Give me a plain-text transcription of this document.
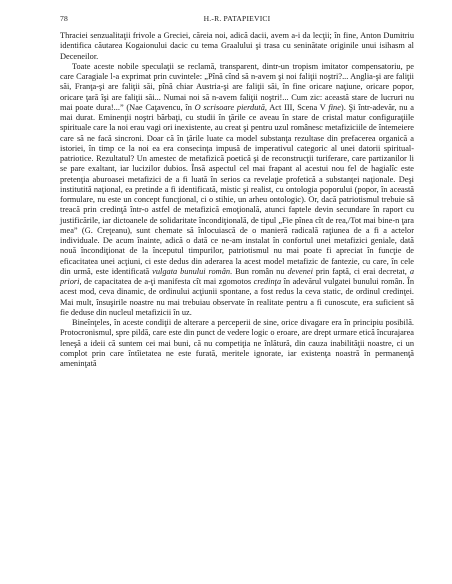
78	H.-R. PATAPIEVICI

Thraciei senzualitaţii frivole a Greciei, căreia noi, adică dacii, avem a-i da lecţii; în fine, Anton Dumitriu identifica căutarea Kogaionului dacic cu tema Graalului şi trasa cu seninătate originile unui isihasm al Deceneilor.

Toate aceste nobile speculaţii se reclamă, transparent, dintr-un tropism imitator compensatoriu, pe care Caragiale l-a exprimat prin cuvintele: „Pînă cînd să n-avem şi noi faliţii noştri?... Anglia-şi are faliţii săi, Franţa-şi are faliţii săi, pînă chiar Austria-şi are faliţii săi, în fine oricare naţiune, oricare popor, oricare ţară îşi are faliţii săi... Numai noi să n-avem faliţii noştri!... Cum zic: această stare de lucruri nu mai poate dura!...” (Nae Caţavencu, în O scrisoare pierdută, Act III, Scena V fine). Şi într-adevăr, nu a mai durat. Eminenţii noştri bărbaţi, cu studii în ţările ce aveau în stare de cristal matur configuraţiile spirituale care la noi erau vagi ori inexistente, au creat şi pentru uzul românesc metafiziciile de întemeiere care să ne facă sincroni. Doar că în ţările luate ca model substanţa rezultase din prefacerea organică a istoriei, în timp ce la noi ea era consecinţa impusă de imperativul categoric al unei datorii spiritual-patriotice. Rezultatul? Un amestec de metafizică poetică şi de reconstrucţii turiferare, care partizanilor li se pare exaltant, iar lucizilor dubios. Însă aspectul cel mai frapant al acestui nou fel de hagialîc este pretenţia aburoasei metafizici de a fi luată în serios ca revelaţie profetică a substanţei naţionale. Deşi institutită naţional, ea pretinde a fi identificată, mistic şi realist, cu ontologia poporului (popor, în această formulare, nu este un concept funcţional, ci o stihie, un arheu ontologic). Or, dacă patriotismul trebuie să treacă prin credinţă într-o astfel de metafizică emoţională, atunci faptele devin secundare în raport cu justificările, iar dictoanele de solidaritate încondiţională, de tipul „Fie pînea cît de rea,/Tot mai bine-n ţara mea” (G. Creţeanu), sunt chemate să înlocuiască de o manieră radicală raţiunea de a fi a actelor individuale. De acum înainte, adică o dată ce ne-am instalat în confortul unei metafizici geniale, dată nouă încondiţionat de la începutul timpurilor, patriotismul nu mai poate fi apreciat în funcţie de eficacitatea unei acţiuni, ci este dedus din aderarea la acest model metafizic de fantezie, cu care, în cele din urmă, este identificată vulgata bunului român. Bun român nu devenei prin faptă, ci erai decretat, a priori, de capacitatea de a-ţi manifesta cît mai zgomotos credinţa în adevărul vulgatei bunului român. În acest mod, ceva dinamic, de ordinului acţiunii spontane, a fost redus la ceva static, de ordinul credinţei. Mai mult, însuşirile noastre nu mai trebuiau observate în realitate pentru a fi cunoscute, era suficient să fie deduse din nucleul metafizicii în uz.

Bineînţeles, în aceste condiţii de alterare a perceperii de sine, orice divagare era în principiu posibilă. Protocronismul, spre pildă, care este din punct de vedere logic o eroare, are drept urmare etică încurajarea leneşă a ideii că suntem cei mai buni, că nu competiţia ne înlătură, din cauza inabilităţii noastre, ci un complot prin care întîietatea ne este furată, meritele ignorate, iar existenţa noastră în permanenţă ameninţată
